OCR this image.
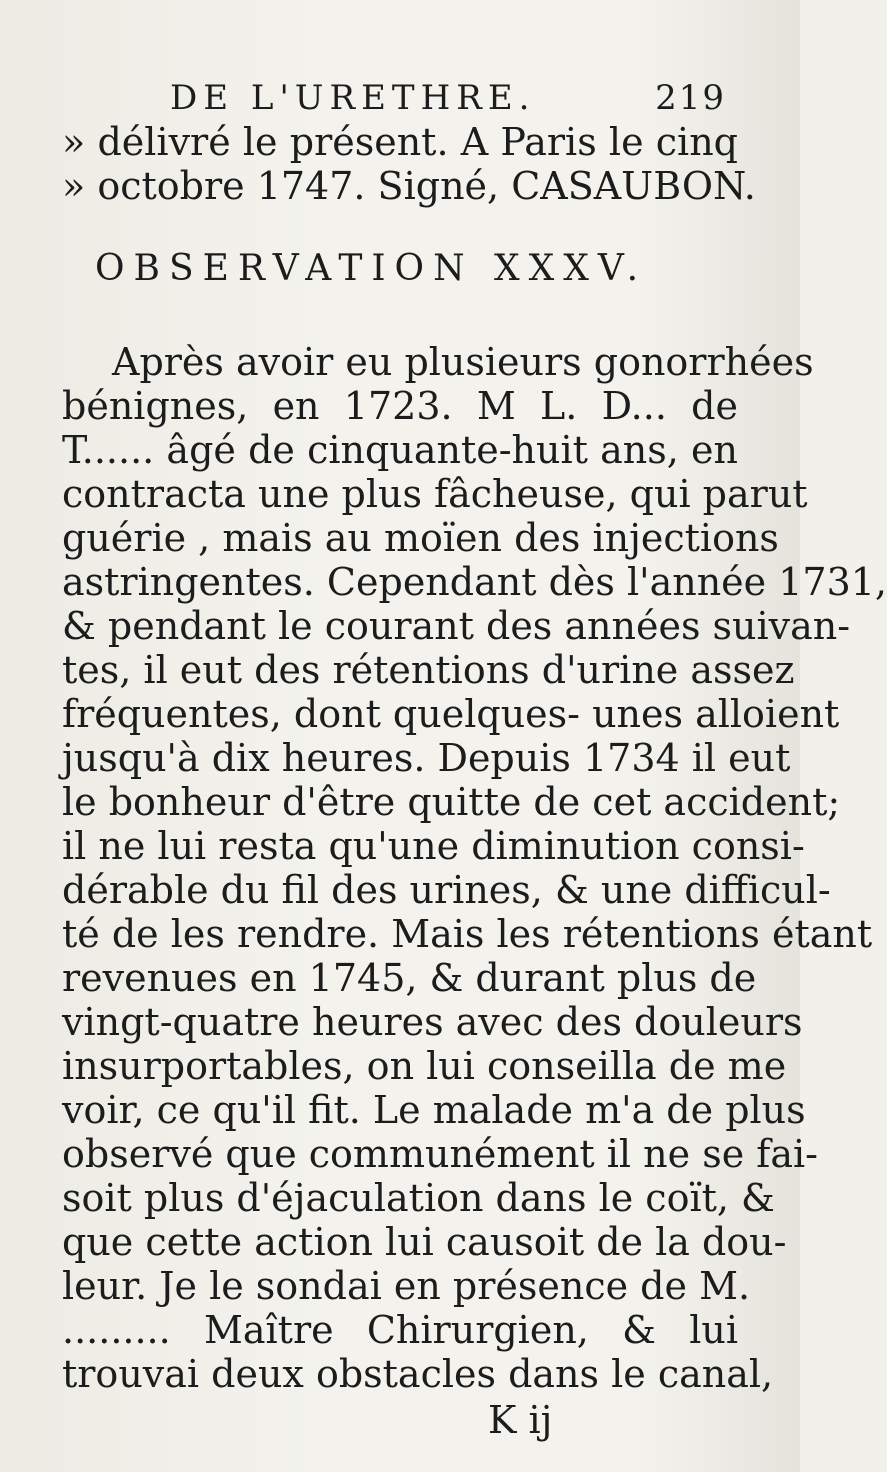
DE L'URETHRE.	219
» délivré le présent. A Paris le cinq
» octobre 1747. Signé, CASAUBON.
OBSERVATION XXXV.
Après avoir eu plusieurs gonorrhées
bénignes, en 1723. M L. D... de
T...... âgé de cinquante-huit ans, en
contracta une plus fâcheuse, qui parut
guérie , mais au moïen des injections
astringentes. Cependant dès l'année 1731,
& pendant le courant des années suivan-
tes, il eut des rétentions d'urine assez
fréquentes, dont quelques- unes alloient
jusqu'à dix heures. Depuis 1734 il eut
le bonheur d'être quitte de cet accident;
il ne lui resta qu'une diminution consi-
dérable du fil des urines, & une difficul-
té de les rendre. Mais les rétentions étant
revenues en 1745, & durant plus de
vingt-quatre heures avec des douleurs
insurportables, on lui conseilla de me
voir, ce qu'il fit. Le malade m'a de plus
observé que communément il ne se fai-
soit plus d'éjaculation dans le coït, &
que cette action lui causoit de la dou-
leur. Je le sondai en présence de M.
......... Maître Chirurgien, & lui
trouvai deux obstacles dans le canal,
K ij
